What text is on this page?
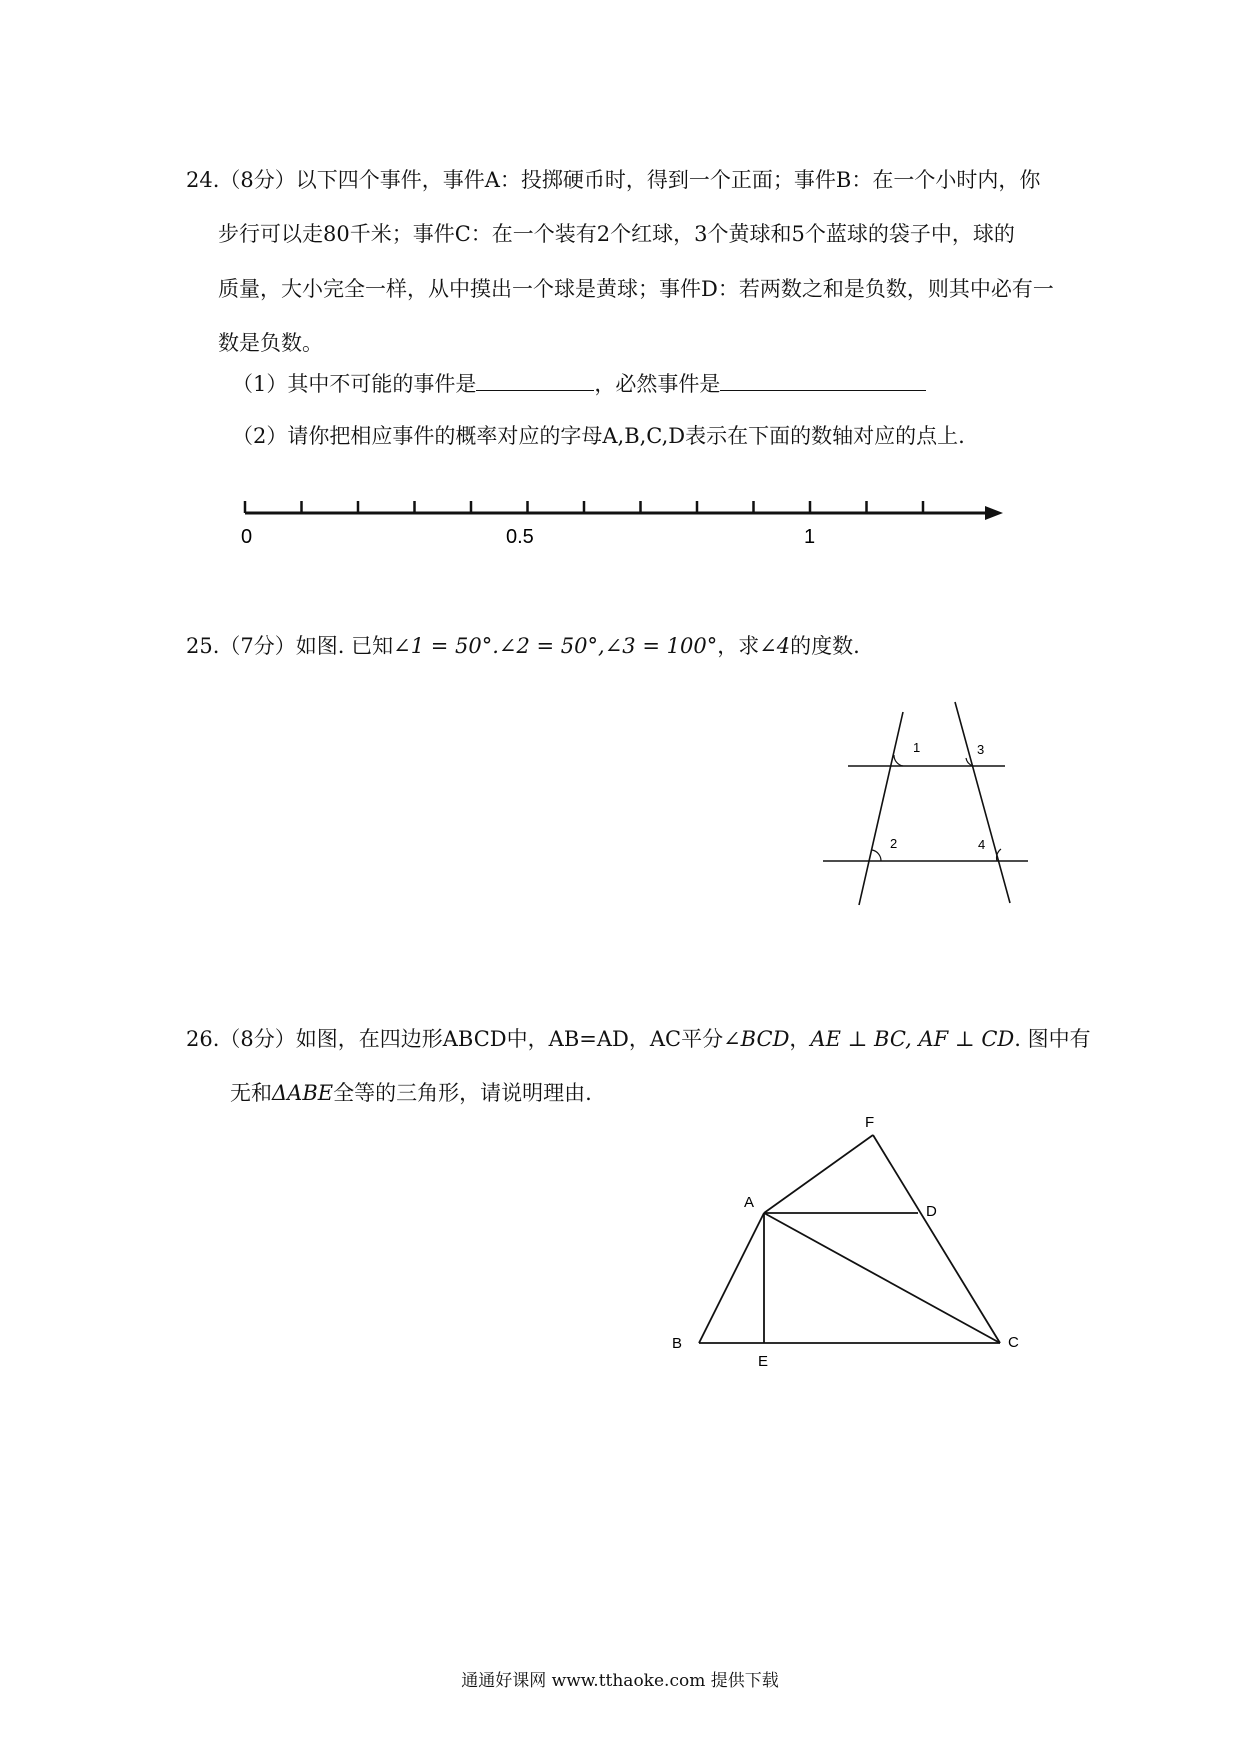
24.（8分）以下四个事件，事件A：投掷硬币时，得到一个正面；事件B：在一个小时内，你

步行可以走80千米；事件C：在一个装有2个红球，3个黄球和5个蓝球的袋子中，球的

质量，大小完全一样，从中摸出一个球是黄球；事件D：若两数之和是负数，则其中必有一

数是负数。

（1）其中不可能的事件是	，必然事件是

（2）请你把相应事件的概率对应的字母A,B,C,D表示在下面的数轴对应的点上.

0	0.5	1

25.（7分）如图. 已知∠1 = 50°.∠2 = 50°,∠3 = 100°，求∠4的度数.

1
2
3
4

26.（8分）如图，在四边形ABCD中，AB=AD，AC平分∠BCD，AE ⊥ BC, AF ⊥ CD. 图中有

无和ΔABE全等的三角形，请说明理由.

F
A
D
B	C
E

通通好课网 www.tthaoke.com 提供下载
